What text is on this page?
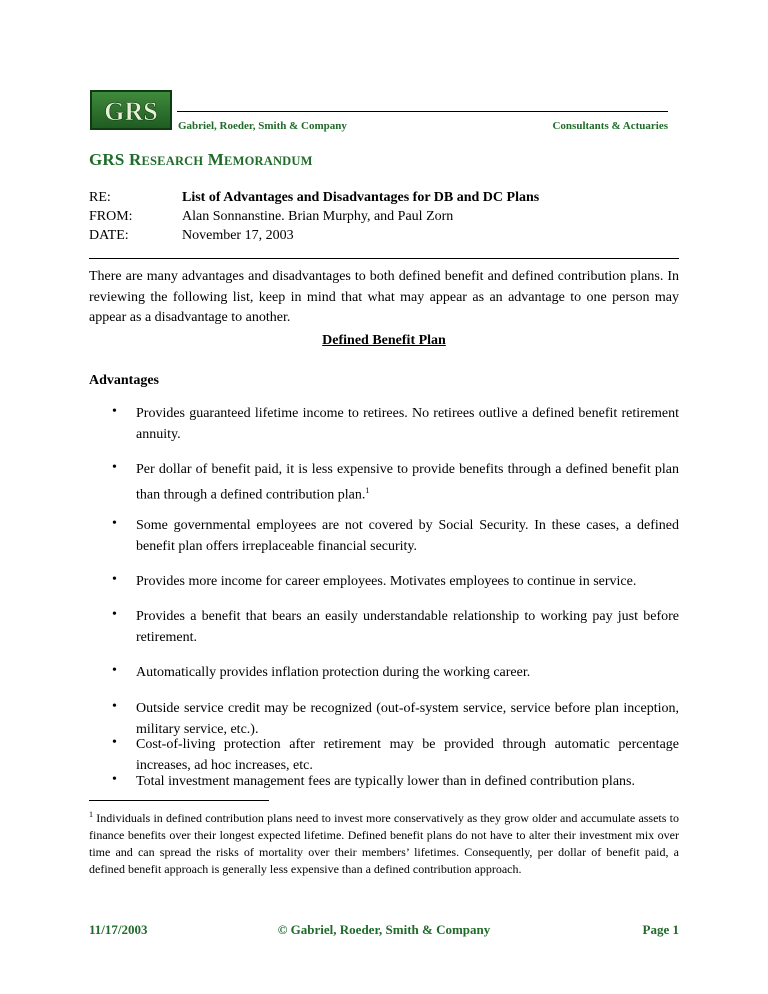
GRS Gabriel, Roeder, Smith & Company	Consultants & Actuaries
GRS RESEARCH MEMORANDUM
RE:	List of Advantages and Disadvantages for DB and DC Plans
FROM:	Alan Sonnanstine. Brian Murphy, and Paul Zorn
DATE:	November 17, 2003
There are many advantages and disadvantages to both defined benefit and defined contribution plans. In reviewing the following list, keep in mind that what may appear as an advantage to one person may appear as a disadvantage to another.
Defined Benefit Plan
Advantages
• Provides guaranteed lifetime income to retirees. No retirees outlive a defined benefit retirement annuity.
• Per dollar of benefit paid, it is less expensive to provide benefits through a defined benefit plan than through a defined contribution plan.$^1$
• Some governmental employees are not covered by Social Security. In these cases, a defined benefit plan offers irreplaceable financial security.
• Provides more income for career employees. Motivates employees to continue in service.
• Provides a benefit that bears an easily understandable relationship to working pay just before retirement.
• Automatically provides inflation protection during the working career.
• Outside service credit may be recognized (out-of-system service, service before plan inception, military service, etc.).
• Cost-of-living protection after retirement may be provided through automatic percentage increases, ad hoc increases, etc.
• Total investment management fees are typically lower than in defined contribution plans.
$^1$ Individuals in defined contribution plans need to invest more conservatively as they grow older and accumulate assets to finance benefits over their longest expected lifetime. Defined benefit plans do not have to alter their investment mix over time and can spread the risks of mortality over their members’ lifetimes. Consequently, per dollar of benefit paid, a defined benefit approach is generally less expensive than a defined contribution approach.
11/17/2003	© Gabriel, Roeder, Smith & Company	Page 1
